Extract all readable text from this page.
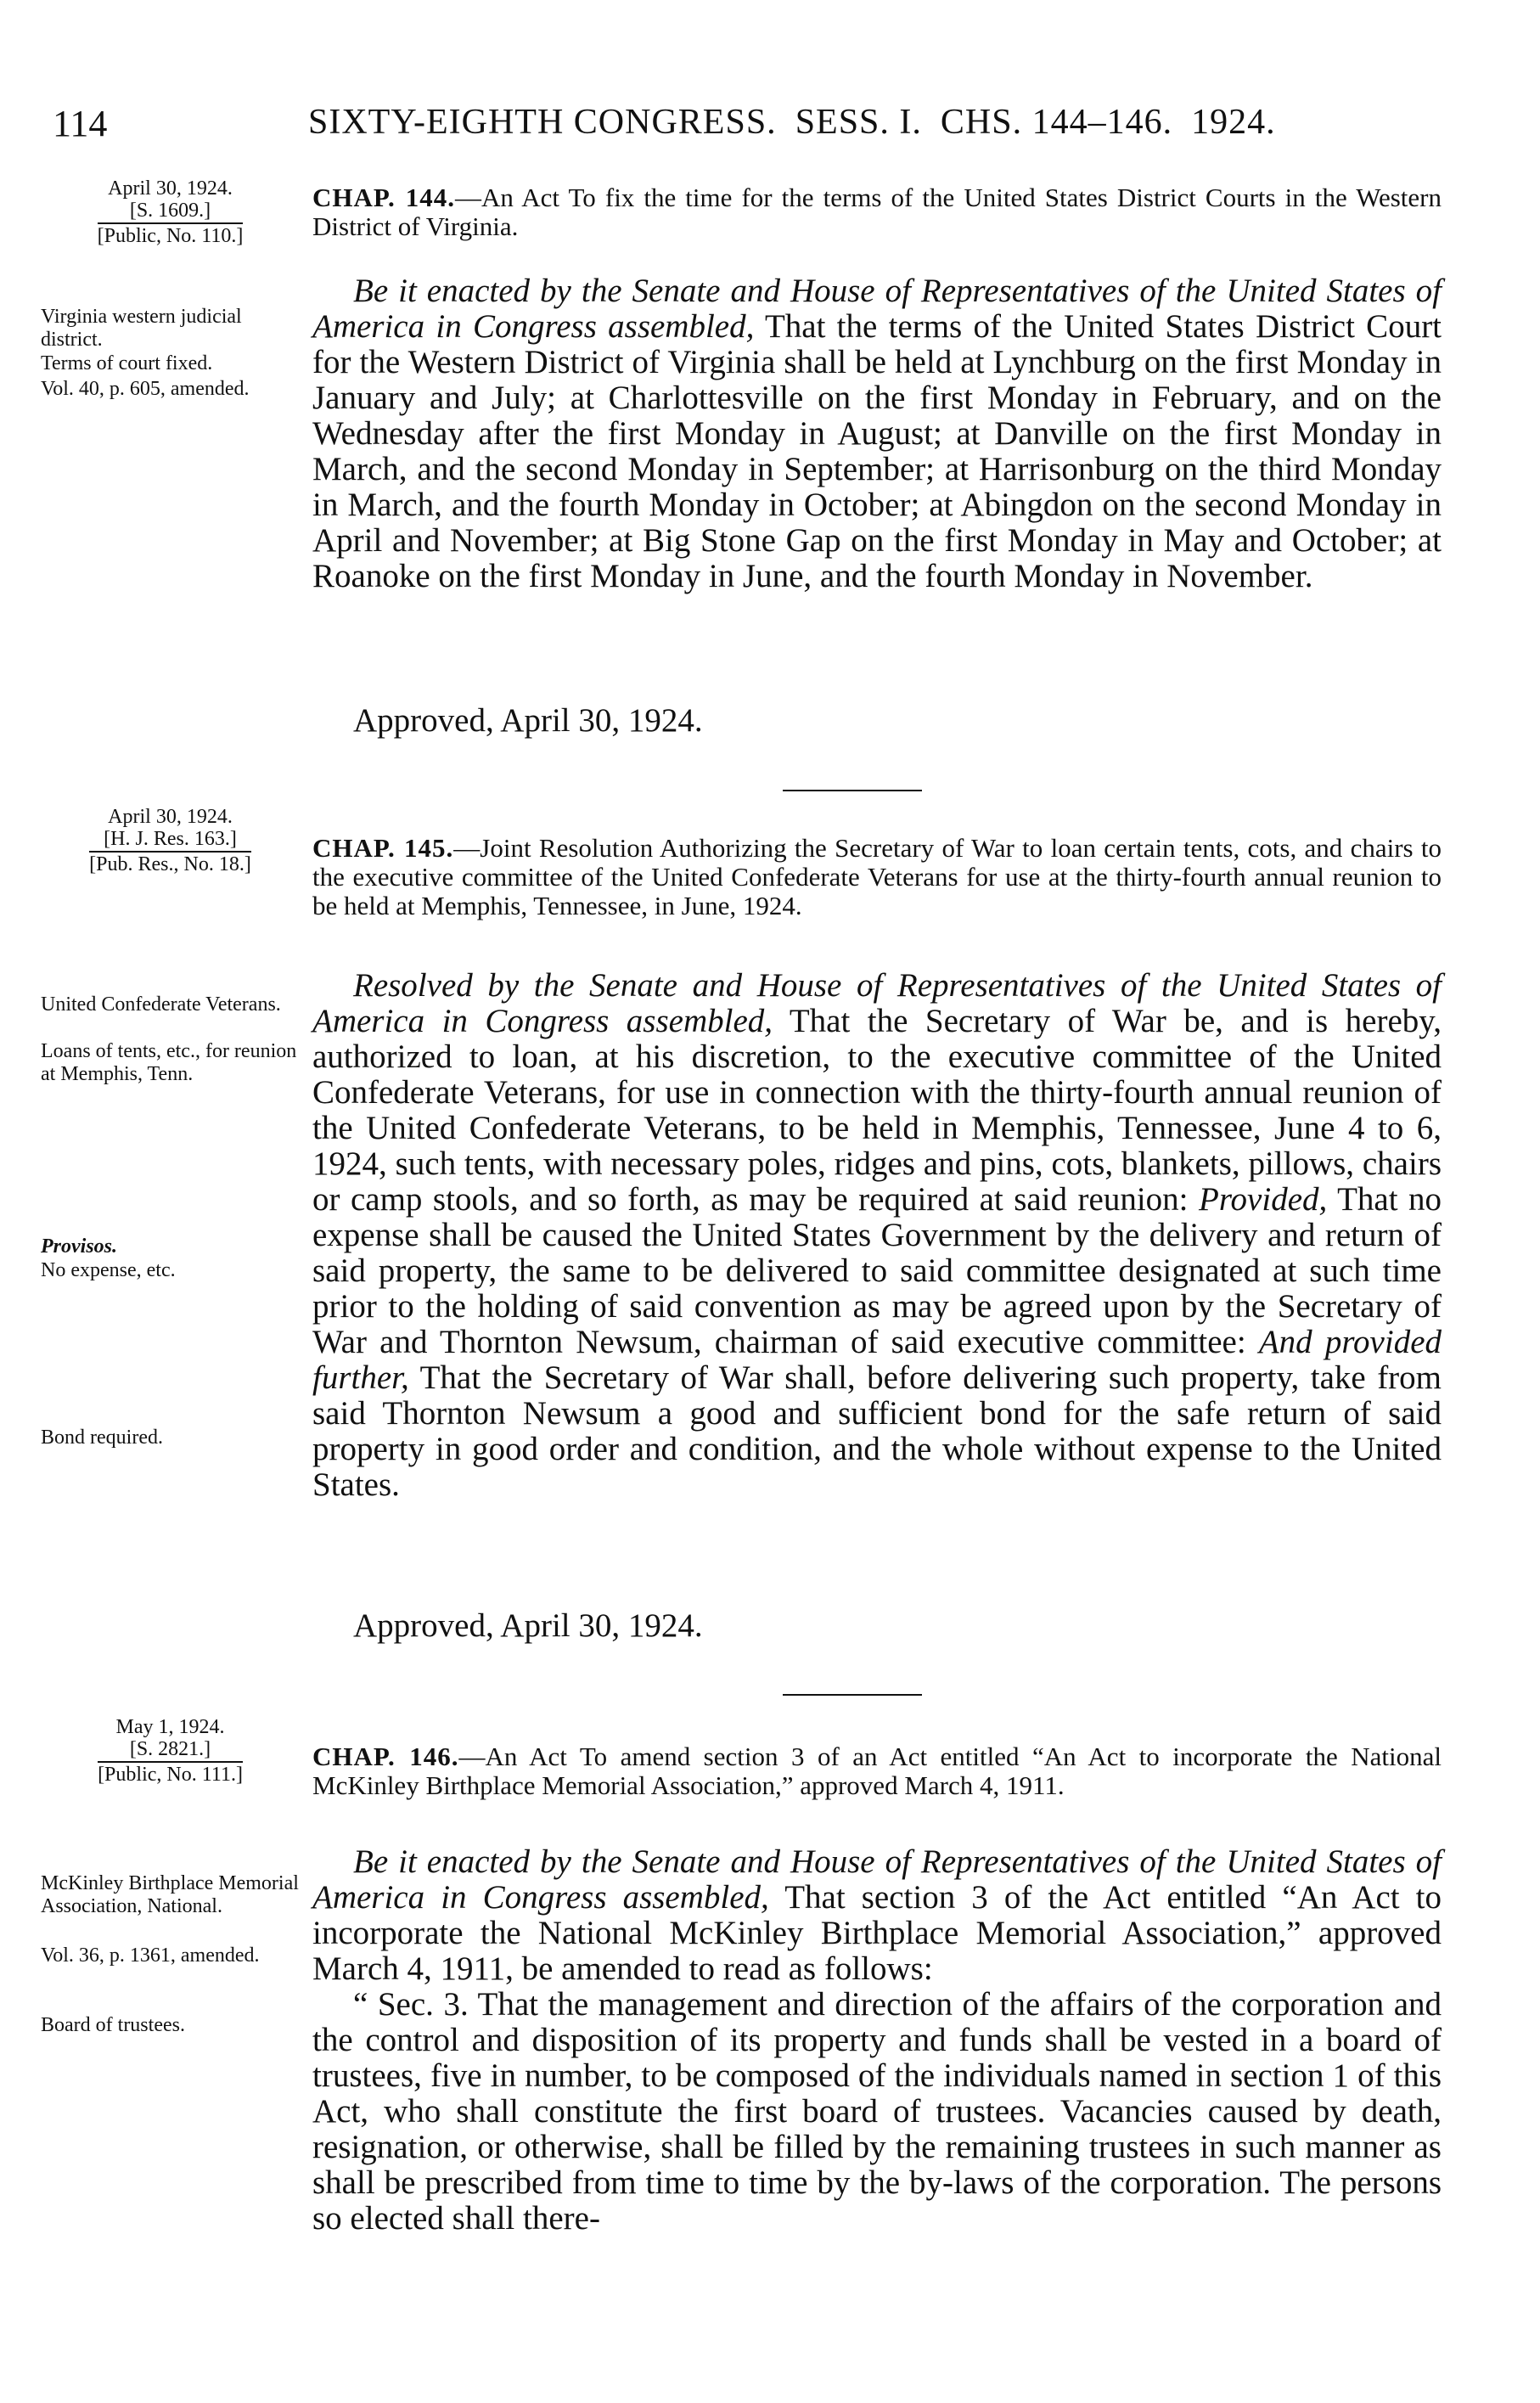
114	SIXTY-EIGHTH CONGRESS. SESS. I. CHS. 144–146. 1924.
April 30, 1924.
[S. 1609.]
[Public, No. 110.]
CHAP. 144.—An Act To fix the time for the terms of the United States District Courts in the Western District of Virginia.
Virginia western judicial district.
Terms of court fixed.
Vol. 40, p. 605, amended.

Be it enacted by the Senate and House of Representatives of the United States of America in Congress assembled, That the terms of the United States District Court for the Western District of Virginia shall be held at Lynchburg on the first Monday in January and July; at Charlottesville on the first Monday in February, and on the Wednesday after the first Monday in August; at Danville on the first Monday in March, and the second Monday in September; at Harrisonburg on the third Monday in March, and the fourth Monday in October; at Abingdon on the second Monday in April and November; at Big Stone Gap on the first Monday in May and October; at Roanoke on the first Monday in June, and the fourth Monday in November.

Approved, April 30, 1924.
April 30, 1924.
[H. J. Res. 163.]
[Pub. Res., No. 18.]
CHAP. 145.—Joint Resolution Authorizing the Secretary of War to loan certain tents, cots, and chairs to the executive committee of the United Confederate Veterans for use at the thirty-fourth annual reunion to be held at Memphis, Tennessee, in June, 1924.
United Confederate Veterans.
Loans of tents, etc., for reunion at Memphis, Tenn.
Provisos.
No expense, etc.
Bond required.

Resolved by the Senate and House of Representatives of the United States of America in Congress assembled, That the Secretary of War be, and is hereby, authorized to loan, at his discretion, to the executive committee of the United Confederate Veterans, for use in connection with the thirty-fourth annual reunion of the United Confederate Veterans, to be held in Memphis, Tennessee, June 4 to 6, 1924, such tents, with necessary poles, ridges and pins, cots, blankets, pillows, chairs or camp stools, and so forth, as may be required at said reunion: Provided, That no expense shall be caused the United States Government by the delivery and return of said property, the same to be delivered to said committee designated at such time prior to the holding of said convention as may be agreed upon by the Secretary of War and Thornton Newsum, chairman of said executive committee: And provided further, That the Secretary of War shall, before delivering such property, take from said Thornton Newsum a good and sufficient bond for the safe return of said property in good order and condition, and the whole without expense to the United States.

Approved, April 30, 1924.
May 1, 1924.
[S. 2821.]
[Public, No. 111.]
CHAP. 146.—An Act To amend section 3 of an Act entitled “An Act to incorporate the National McKinley Birthplace Memorial Association,” approved March 4, 1911.
McKinley Birthplace Memorial Association, National.
Vol. 36, p. 1361, amended.
Board of trustees.

Be it enacted by the Senate and House of Representatives of the United States of America in Congress assembled, That section 3 of the Act entitled “An Act to incorporate the National McKinley Birthplace Memorial Association,” approved March 4, 1911, be amended to read as follows:

“ Sec. 3. That the management and direction of the affairs of the corporation and the control and disposition of its property and funds shall be vested in a board of trustees, five in number, to be composed of the individuals named in section 1 of this Act, who shall constitute the first board of trustees. Vacancies caused by death, resignation, or otherwise, shall be filled by the remaining trustees in such manner as shall be prescribed from time to time by the by-laws of the corporation. The persons so elected shall there-
